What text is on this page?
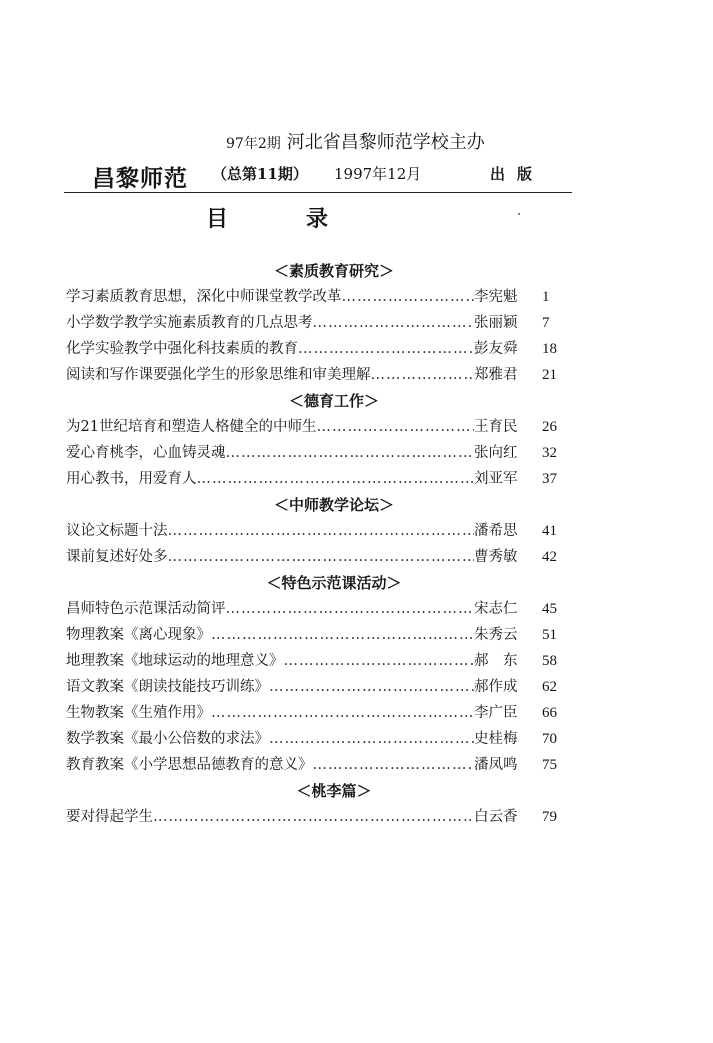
97年2期 河北省昌黎师范学校主办
昌黎师范 （总第11期） 1997年12月	出版
目录
＜素质教育研究＞
学习素质教育思想，深化中师课堂教学改革 …………………………………………………………………………………………………………………………	李宪魁	1
小学数学教学实施素质教育的几点思考 …………………………………………………………………………………………………………………………	张丽颖	7
化学实验教学中强化科技素质的教育 …………………………………………………………………………………………………………………………	彭友舜	18
阅读和写作课要强化学生的形象思维和审美理解 …………………………………………………………………………………………………………………………	郑雅君	21
＜德育工作＞
为21世纪培育和塑造人格健全的中师生 …………………………………………………………………………………………………………………………	王育民	26
爱心育桃李，心血铸灵魂 …………………………………………………………………………………………………………………………	张向红	32
用心教书，用爱育人 …………………………………………………………………………………………………………………………	刘亚军	37
＜中师教学论坛＞
议论文标题十法 …………………………………………………………………………………………………………………………	潘希思	41
课前复述好处多 …………………………………………………………………………………………………………………………	曹秀敏	42
＜特色示范课活动＞
昌师特色示范课活动简评 …………………………………………………………………………………………………………………………	宋志仁	45
物理教案《离心现象》 …………………………………………………………………………………………………………………………	朱秀云	51
地理教案《地球运动的地理意义》 …………………………………………………………………………………………………………………………	郝　东	58
语文教案《朗读技能技巧训练》 …………………………………………………………………………………………………………………………	郝作成	62
生物教案《生殖作用》 …………………………………………………………………………………………………………………………	李广臣	66
数学教案《最小公倍数的求法》 …………………………………………………………………………………………………………………………	史桂梅	70
教育教案《小学思想品德教育的意义》 …………………………………………………………………………………………………………………………	潘凤鸣	75
＜桃李篇＞
要对得起学生 …………………………………………………………………………………………………………………………	白云香	79
